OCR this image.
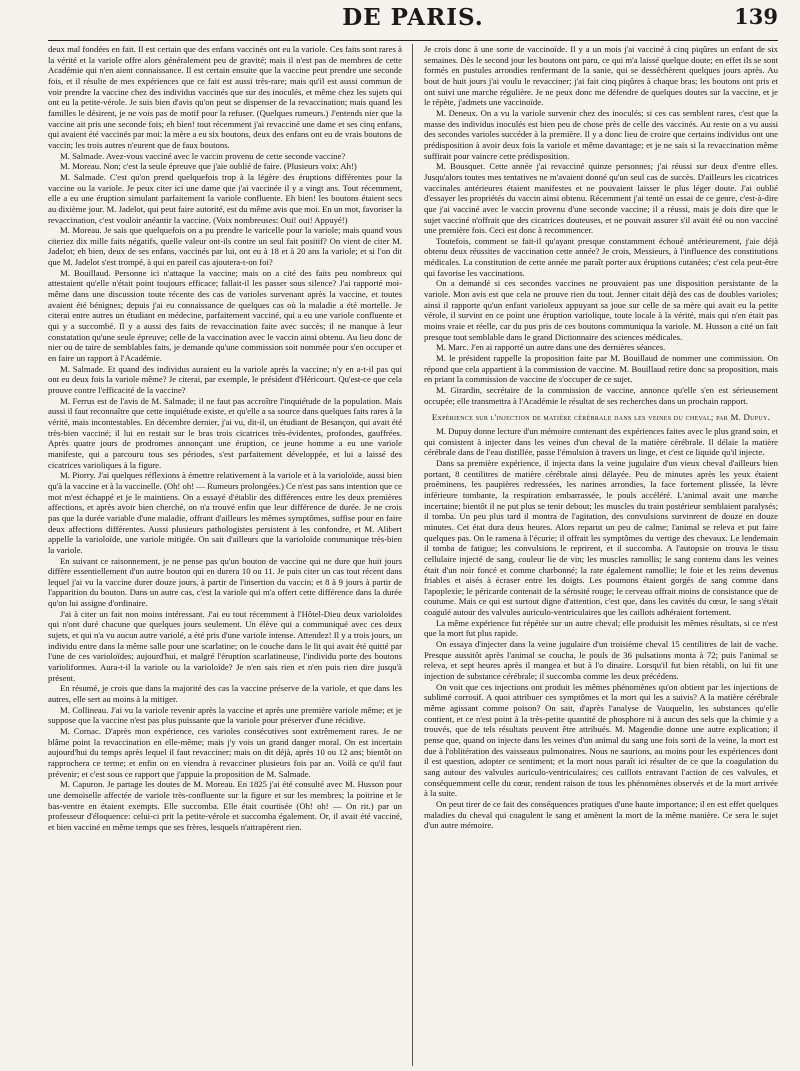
DE PARIS.	139

deux mal fondées en fait. Il est certain que des enfans vaccinés ont eu la variole. Ces faits sont rares à la vérité et la variole offre alors généralement peu de gravité; mais il n'est pas de membres de cette Académie qui n'en aient connaissance. Il est certain ensuite que la vaccine peut prendre une seconde fois, et il résulte de mes expériences que ce fait est aussi très-rare; mais qu'il est aussi commun de voir prendre la vaccine chez des individus vaccinés que sur des inoculés, et même chez les sujets qui ont eu la petite-vérole. Je suis bien d'avis qu'on peut se dispenser de la revaccination; mais quand les familles le désirent, je ne vois pas de motif pour la refuser. (Quelques rumeurs.) J'entends nier que la vaccine ait pris une seconde fois; eh bien! tout récemment j'ai revacciné une dame et ses cinq enfans, qui avaient été vaccinés par moi: la mère a eu six boutons, deux des enfans ont eu de vrais boutons de vaccin; les trois autres n'eurent que de faux boutons.

M. Salmade. Avez-vous vacciné avec le vaccin provenu de cette seconde vaccine?

M. Moreau. Non; c'est la seule épreuve que j'aie oublié de faire. (Plusieurs voix: Ah!)

M. Salmade. C'est qu'on prend quelquefois trop à la légère des éruptions différentes pour la vaccine ou la variole. Je peux citer ici une dame que j'ai vaccinée il y a vingt ans. Tout récemment, elle a eu une éruption simulant parfaitement la variole confluente. Eh bien! les boutons étaient secs au dixième jour. M. Jadelot, qui peut faire autorité, est du même avis que moi. En un mot, favoriser la revaccination, c'est vouloir anéantir la vaccine. (Voix nombreuses: Oui! oui! Appuyé!)

M. Moreau. Je sais que quelquefois on a pu prendre le varicelle pour la variole; mais quand vous citeriez dix mille faits négatifs, quelle valeur ont-ils contre un seul fait positif? On vient de citer M. Jadelot; eh bien, deux de ses enfans, vaccinés par lui, ont eu à 18 et à 20 ans la variole; et si l'on dit que M. Jadelot s'est trompé, à qui en pareil cas ajoutera-t-on foi?

M. Bouillaud. Personne ici n'attaque la vaccine; mais on a cité des faits peu nombreux qui attestaient qu'elle n'était point toujours efficace; fallait-il les passer sous silence? J'ai rapporté moi-même dans une discussion toute récente des cas de varioles survenant après la vaccine, et toutes avaient été bénignes; depuis j'ai eu connaissance de quelques cas où la maladie a été mortelle. Je citerai entre autres un étudiant en médecine, parfaitement vacciné, qui a eu une variole confluente et qui y a succombé. Il y a aussi des faits de revaccination faite avec succès; il ne manque à leur constatation qu'une seule épreuve; celle de la vaccination avec le vaccin ainsi obtenu. Au lieu donc de nier ou de taire de semblables faits, je demande qu'une commission soit nommée pour s'en occuper et en faire un rapport à l'Académie.

M. Salmade. Et quand des individus auraient eu la variole après la vaccine; n'y en a-t-il pas qui ont eu deux fois la variole même? Je citerai, par exemple, le président d'Héricourt. Qu'est-ce que cela prouve contre l'efficacité de la vaccine?

M. Ferrus est de l'avis de M. Salmade; il ne faut pas accroître l'inquiétude de la population. Mais aussi il faut reconnaître que cette inquiétude existe, et qu'elle a sa source dans quelques faits rares à la vérité, mais incontestables. En décembre dernier, j'ai vu, dit-il, un étudiant de Besançon, qui avait été très-bien vacciné; il lui en restait sur le bras trois cicatrices très-évidentes, profondes, gauffrées. Après quatre jours de prodromes annonçant une éruption, ce jeune homme a eu une variole manifeste, qui a parcouru tous ses périodes, s'est parfaitement développée, et lui a laissé des cicatrices varioliques à la figure.

M. Piorry. J'ai quelques réflexions à émettre relativement à la variole et à la varioloïde, aussi bien qu'à la vaccine et à la vaccinelle. (Oh! oh! — Rumeurs prolongées.) Ce n'est pas sans intention que ce mot m'est échappé et je le maintiens. On a essayé d'établir des différences entre les deux premières affections, et après avoir bien cherché, on n'a trouvé enfin que leur différence de durée. Je ne crois pas que la durée variable d'une maladie, offrant d'ailleurs les mêmes symptômes, suffise pour en faire deux affections différentes. Aussi plusieurs pathologistes persistent à les confondre, et M. Alibert appelle la varioloïde, une variole mitigée. On sait d'ailleurs que la varioloïde communique très-bien la variole.

En suivant ce raisonnement, je ne pense pas qu'un bouton de vaccine qui ne dure que huit jours diffère essentiellement d'un autre bouton qui en durera 10 ou 11. Je puis citer un cas tout récent dans lequel j'ai vu la vaccine durer douze jours, à partir de l'insertion du vaccin; et 8 à 9 jours à partir de l'apparition du bouton. Dans un autre cas, c'est la variole qui m'a offert cette différence dans la durée qu'on lui assigne d'ordinaire.

J'ai à citer un fait non moins intéressant. J'ai eu tout récemment à l'Hôtel-Dieu deux varioloïdes qui n'ont duré chacune que quelques jours seulement. Un élève qui a communiqué avec ces deux sujets, et qui n'a vu aucun autre variolé, a été pris d'une variole intense. Attendez! Il y a trois jours, un individu entre dans la même salle pour une scarlatine; on le couche dans le lit qui avait été quitté par l'une de ces varioloïdes; aujourd'hui, et malgré l'éruption scarlatineuse, l'individu porte des boutons varioliformes. Aura-t-il la variole ou la varioloïde? Je n'en sais rien et n'en puis rien dire jusqu'à présent.

En résumé, je crois que dans la majorité des cas la vaccine préserve de la variole, et que dans les autres, elle sert au moins à la mitiger.

M. Collineau. J'ai vu la variole revenir après la vaccine et après une première variole même; et je suppose que la vaccine n'est pas plus puissante que la variole pour préserver d'une récidive.

M. Cornac. D'après mon expérience, ces varioles consécutives sont extrêmement rares. Je ne blâme point la revaccination en elle-même; mais j'y vois un grand danger moral. On est incertain aujourd'hui du temps après lequel il faut revacciner; mais on dit déjà, après 10 ou 12 ans; bientôt on rapprochera ce terme; et enfin on en viendra à revacciner plusieurs fois par an. Voilà ce qu'il faut prévenir; et c'est sous ce rapport que j'appuie la proposition de M. Salmade.

M. Capuron. Je partage les doutes de M. Moreau. En 1825 j'ai été consulté avec M. Husson pour une demoiselle affectée de variole très-confluente sur la figure et sur les membres; la poitrine et le bas-ventre en étaient exempts. Elle succomba. Elle était courtisée (Oh! oh! — On rit.) par un professeur d'éloquence: celui-ci prit la petite-vérole et succomba également. Or, il avait été vacciné, et bien vacciné en même temps que ses frères, lesquels n'attrapèrent rien.

Je crois donc à une sorte de vaccinoïde. Il y a un mois j'ai vacciné à cinq piqûres un enfant de six semaines. Dès le second jour les boutons ont paru, ce qui m'a laissé quelque doute; en effet ils se sont formés en pustules arrondies renfermant de la sanie, qui se desséchèrent quelques jours après. Au bout de huit jours j'ai voulu le revacciner; j'ai fait cinq piqûres à chaque bras; les boutons ont pris et ont suivi une marche régulière. Je ne peux donc me défendre de quelques doutes sur la vaccine, et je le répète, j'admets une vaccinoïde.

M. Deneux. On a vu la variole survenir chez des inoculés; si ces cas semblent rares, c'est que la masse des individus inoculés est bien peu de chose près de celle des vaccinés. Au reste on a vu aussi des secondes varioles succéder à la première. Il y a donc lieu de croire que certains individus ont une prédisposition à avoir deux fois la variole et même davantage; et je ne sais si la revaccination même suffirait pour vaincre cette prédisposition.

M. Bousquet. Cette année j'ai revacciné quinze personnes; j'ai réussi sur deux d'entre elles. Jusqu'alors toutes mes tentatives ne m'avaient donné qu'un seul cas de succès. D'ailleurs les cicatrices vaccinales antérieures étaient manifestes et ne pouvaient laisser le plus léger doute. J'ai oublié d'essayer les propriétés du vaccin ainsi obtenu. Récemment j'ai tenté un essai de ce genre, c'est-à-dire que j'ai vacciné avec le vaccin provenu d'une seconde vaccine; il a réussi, mais je dois dire que le sujet vacciné n'offrait que des cicatrices douteuses, et ne pouvait assurer s'il avait été ou non vacciné une première fois. Ceci est donc à recommencer.

Toutefois, comment se fait-il qu'ayant presque constamment échoué antérieurement, j'aie déjà obtenu deux réussites de vaccination cette année? Je crois, Messieurs, à l'influence des constitutions médicales. La constitution de cette année me paraît porter aux éruptions cutanées; c'est cela peut-être qui favorise les vaccinations.

On a demandé si ces secondes vaccines ne prouvaient pas une disposition persistante de la variole. Mon avis est que cela ne prouve rien du tout. Jenner citait déjà des cas de doubles varioles; ainsi il rapporte qu'un enfant varioleux appuyant sa joue sur celle de sa mère qui avait eu la petite vérole, il survint en ce point une éruption variolique, toute locale à la vérité, mais qui n'en était pas moins vraie et réelle, car du pus pris de ces boutons communiqua la variole. M. Husson a cité un fait presque tout semblable dans le grand Dictionnaire des sciences médicales.

M. Marc. J'en ai rapporté un autre dans une des dernières séances.

M. le président rappelle la proposition faite par M. Bouillaud de nommer une commission. On répond que cela appartient à la commission de vaccine. M. Bouillaud retire donc sa proposition, mais en priant la commission de vaccine de s'occuper de ce sujet.

M. Girardin, secrétaire de la commission de vaccine, annonce qu'elle s'en est sérieusement occupée; elle transmettra à l'Académie le résultat de ses recherches dans un prochain rapport.

Expérience sur l'injection de matière cérébrale dans les veines du cheval; par M. Dupuy.

M. Dupuy donne lecture d'un mémoire contenant des expériences faites avec le plus grand soin, et qui consistent à injecter dans les veines d'un cheval de la matière cérébrale. Il délaie la matière cérébrale dans de l'eau distillée, passe l'émulsion à travers un linge, et c'est ce liquide qu'il injecte.

Dans sa première expérience, il injecta dans la veine jugulaire d'un vieux cheval d'ailleurs bien portant, 8 centilitres de matière cérébrale ainsi délayée. Peu de minutes après les yeux étaient proéminens, les paupières redressées, les narines arrondies, la face fortement plissée, la lèvre inférieure tombante, la respiration embarrassée, le pouls accéléré. L'animal avait une marche incertaine; bientôt il ne put plus se tenir debout; les muscles du train postérieur semblaient paralysés; il tomba. Un peu plus tard il montra de l'agitation, des convulsions survinrent de douze en douze minutes. Cet état dura deux heures. Alors reparut un peu de calme; l'animal se releva et put faire quelques pas. On le ramena à l'écurie; il offrait les symptômes du vertige des chevaux. Le lendemain il tomba de fatigue; les convulsions le reprirent, et il succomba. A l'autopsie on trouva le tissu cellulaire injecté de sang, couleur lie de vin; les muscles ramollis; le sang contenu dans les veines était d'un noir foncé et comme charbonné; la rate également ramollie; le foie et les reins devenus friables et aisés à écraser entre les doigts. Les poumons étaient gorgés de sang comme dans l'apoplexie; le péricarde contenait de la sérosité rouge; le cerveau offrait moins de consistance que de coutume. Mais ce qui est surtout digne d'attention, c'est que, dans les cavités du cœur, le sang s'était coagulé autour des valvules auriculo-ventriculaires que les caillots adhéraient fortement.

La même expérience fut répétée sur un autre cheval; elle produisit les mêmes résultats, si ce n'est que la mort fut plus rapide.

On essaya d'injecter dans la veine jugulaire d'un troisième cheval 15 centilitres de lait de vache. Presque aussitôt après l'animal se coucha, le pouls de 36 pulsations monta à 72; puis l'animal se releva, et sept heures après il mangea et but à l'o dinaire. Lorsqu'il fut bien rétabli, on lui fit une injection de substance cérébrale; il succomba comme les deux précédens.

On voit que ces injections ont produit les mêmes phénomènes qu'on obtient par les injections de sublimé corrosif. A quoi attribuer ces symptômes et la mort qui les a suivis? A la matière cérébrale même agissant comme poison? On sait, d'après l'analyse de Vauquelin, les substances qu'elle contient, et ce n'est point à la très-petite quantité de phosphore ni à aucun des sels que la chimie y a trouvés, que de tels résultats peuvent être attribués. M. Magendie donne une autre explication; il pense que, quand on injecte dans les veines d'un animal du sang une fois sorti de la veine, la mort est due à l'oblitération des vaisseaux pulmonaires. Nous ne saurions, au moins pour les expériences dont il est question, adopter ce sentiment; et la mort nous paraît ici résulter de ce que la coagulation du sang autour des valvules auriculo-ventriculaires; ces caillots entravant l'action de ces valvules, et conséquemment celle du cœur, rendent raison de tous les phénomènes observés et de la mort arrivée à la suite.

On peut tirer de ce fait des conséquences pratiques d'une haute importance; il en est effet quelques maladies du cheval qui coagulent le sang et amènent la mort de la même manière. Ce sera le sujet d'un autre mémoire.
